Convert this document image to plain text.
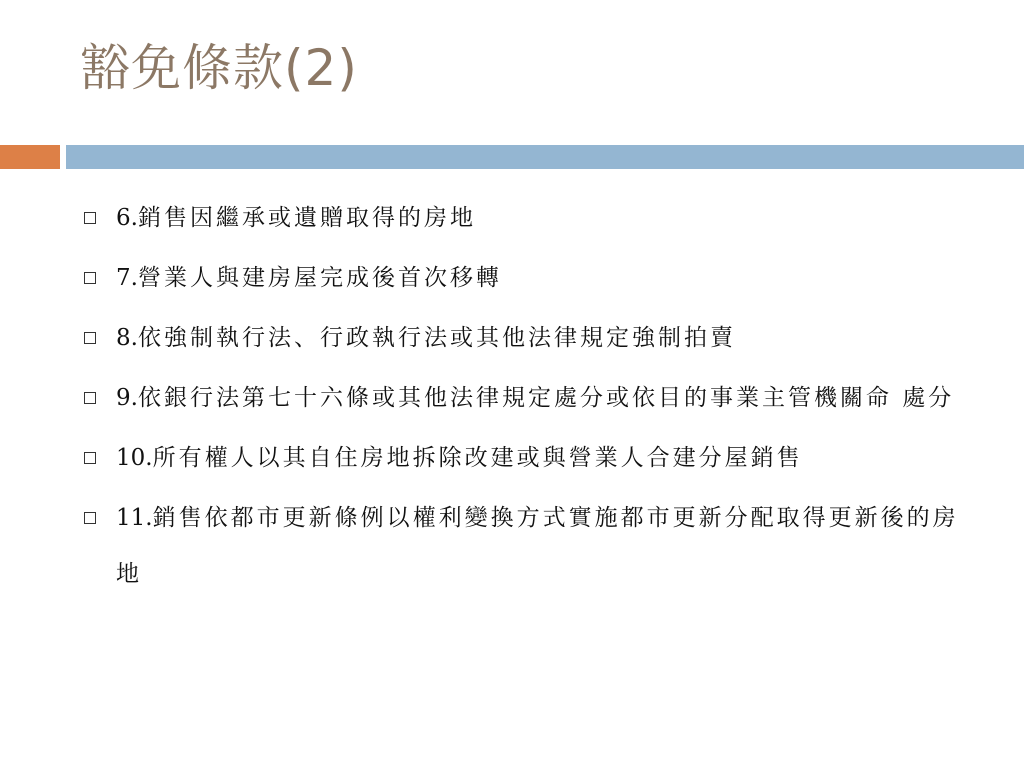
豁免條款(2)
6.銷售因繼承或遺贈取得的房地
7.營業人與建房屋完成後首次移轉
8.依強制執行法、行政執行法或其他法律規定強制拍賣
9.依銀行法第七十六條或其他法律規定處分或依目的事業主管機關命 處分
10.所有權人以其自住房地拆除改建或與營業人合建分屋銷售
11.銷售依都市更新條例以權利變換方式實施都市更新分配取得更新後的房地
